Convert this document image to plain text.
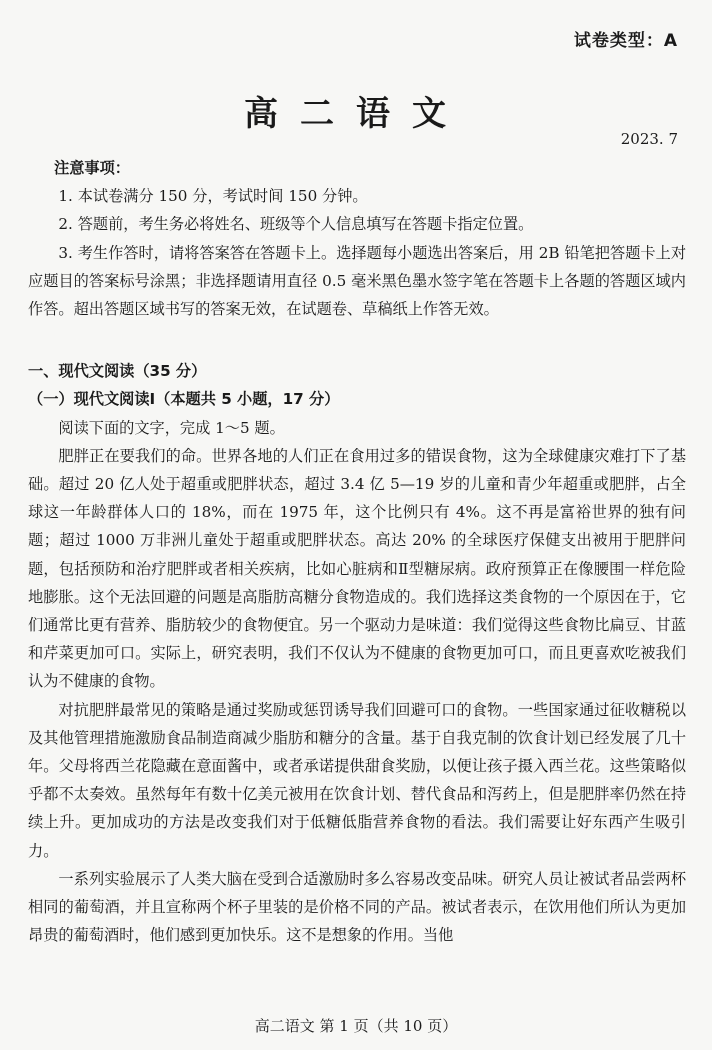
试卷类型：A
高二语文
2023. 7

注意事项：

1. 本试卷满分 150 分，考试时间 150 分钟。

2. 答题前，考生务必将姓名、班级等个人信息填写在答题卡指定位置。

3. 考生作答时，请将答案答在答题卡上。选择题每小题选出答案后，用 2B 铅笔把答题卡上对应题目的答案标号涂黑；非选择题请用直径 0.5 毫米黑色墨水签字笔在答题卡上各题的答题区域内作答。超出答题区域书写的答案无效，在试题卷、草稿纸上作答无效。

一、现代文阅读（35 分）

（一）现代文阅读Ⅰ（本题共 5 小题，17 分）

阅读下面的文字，完成 1～5 题。

肥胖正在要我们的命。世界各地的人们正在食用过多的错误食物，这为全球健康灾难打下了基础。超过 20 亿人处于超重或肥胖状态，超过 3.4 亿 5—19 岁的儿童和青少年超重或肥胖，占全球这一年龄群体人口的 18%，而在 1975 年，这个比例只有 4%。这不再是富裕世界的独有问题；超过 1000 万非洲儿童处于超重或肥胖状态。高达 20% 的全球医疗保健支出被用于肥胖问题，包括预防和治疗肥胖或者相关疾病，比如心脏病和Ⅱ型糖尿病。政府预算正在像腰围一样危险地膨胀。这个无法回避的问题是高脂肪高糖分食物造成的。我们选择这类食物的一个原因在于，它们通常比更有营养、脂肪较少的食物便宜。另一个驱动力是味道：我们觉得这些食物比扁豆、甘蓝和芹菜更加可口。实际上，研究表明，我们不仅认为不健康的食物更加可口，而且更喜欢吃被我们认为不健康的食物。

对抗肥胖最常见的策略是通过奖励或惩罚诱导我们回避可口的食物。一些国家通过征收糖税以及其他管理措施激励食品制造商减少脂肪和糖分的含量。基于自我克制的饮食计划已经发展了几十年。父母将西兰花隐藏在意面酱中，或者承诺提供甜食奖励，以便让孩子摄入西兰花。这些策略似乎都不太奏效。虽然每年有数十亿美元被用在饮食计划、替代食品和泻药上，但是肥胖率仍然在持续上升。更加成功的方法是改变我们对于低糖低脂营养食物的看法。我们需要让好东西产生吸引力。

一系列实验展示了人类大脑在受到合适激励时多么容易改变品味。研究人员让被试者品尝两杯相同的葡萄酒，并且宣称两个杯子里装的是价格不同的产品。被试者表示，在饮用他们所认为更加昂贵的葡萄酒时，他们感到更加快乐。这不是想象的作用。当他

高二语文 第 1 页（共 10 页）
